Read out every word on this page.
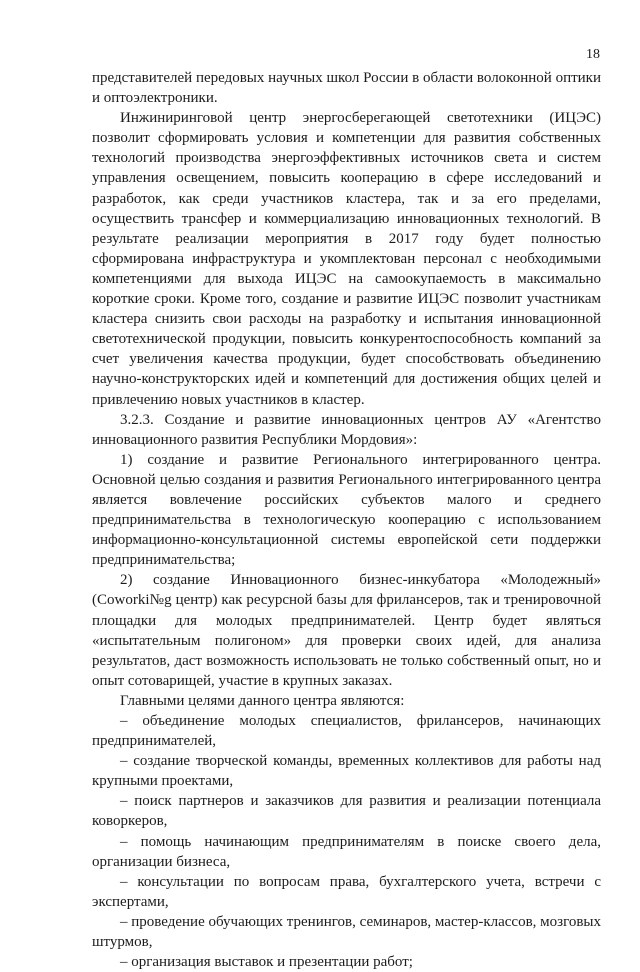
18

представителей передовых научных школ России в области волоконной оптики и оптоэлектроники.

Инжиниринговой центр энергосберегающей светотехники (ИЦЭС) позволит сформировать условия и компетенции для развития собственных технологий производства энергоэффективных источников света и систем управления освещением, повысить кооперацию в сфере исследований и разработок, как среди участников кластера, так и за его пределами, осуществить трансфер и коммерциализацию инновационных технологий. В результате реализации мероприятия в 2017 году будет полностью сформирована инфраструктура и укомплектован персонал с необходимыми компетенциями для выхода ИЦЭС на самоокупаемость в максимально короткие сроки. Кроме того, создание и развитие ИЦЭС позволит участникам кластера снизить свои расходы на разработку и испытания инновационной светотехнической продукции, повысить конкурентоспособность компаний за счет увеличения качества продукции, будет способствовать объединению научно-конструкторских идей и компетенций для достижения общих целей и привлечению новых участников в кластер.

3.2.3. Создание и развитие инновационных центров АУ «Агентство инновационного развития Республики Мордовия»:

1) создание и развитие Регионального интегрированного центра. Основной целью создания и развития Регионального интегрированного центра является вовлечение российских субъектов малого и среднего предпринимательства в технологическую кооперацию с использованием информационно-консультационной системы европейской сети поддержки предпринимательства;

2) создание Инновационного бизнес-инкубатора «Молодежный» (Coworki№g центр) как ресурсной базы для фрилансеров, так и тренировочной площадки для молодых предпринимателей. Центр будет являться «испытательным полигоном» для проверки своих идей, для анализа результатов, даст возможность использовать не только собственный опыт, но и опыт сотоварищей, участие в крупных заказах.

Главными целями данного центра являются:

– объединение молодых специалистов, фрилансеров, начинающих предпринимателей,

– создание творческой команды, временных коллективов для работы над крупными проектами,

– поиск партнеров и заказчиков для развития и реализации потенциала коворкеров,

– помощь начинающим предпринимателям в поиске своего дела, организации бизнеса,

– консультации по вопросам права, бухгалтерского учета, встречи с экспертами,

– проведение обучающих тренингов, семинаров, мастер-классов, мозговых штурмов,

– организация выставок и презентации работ;
